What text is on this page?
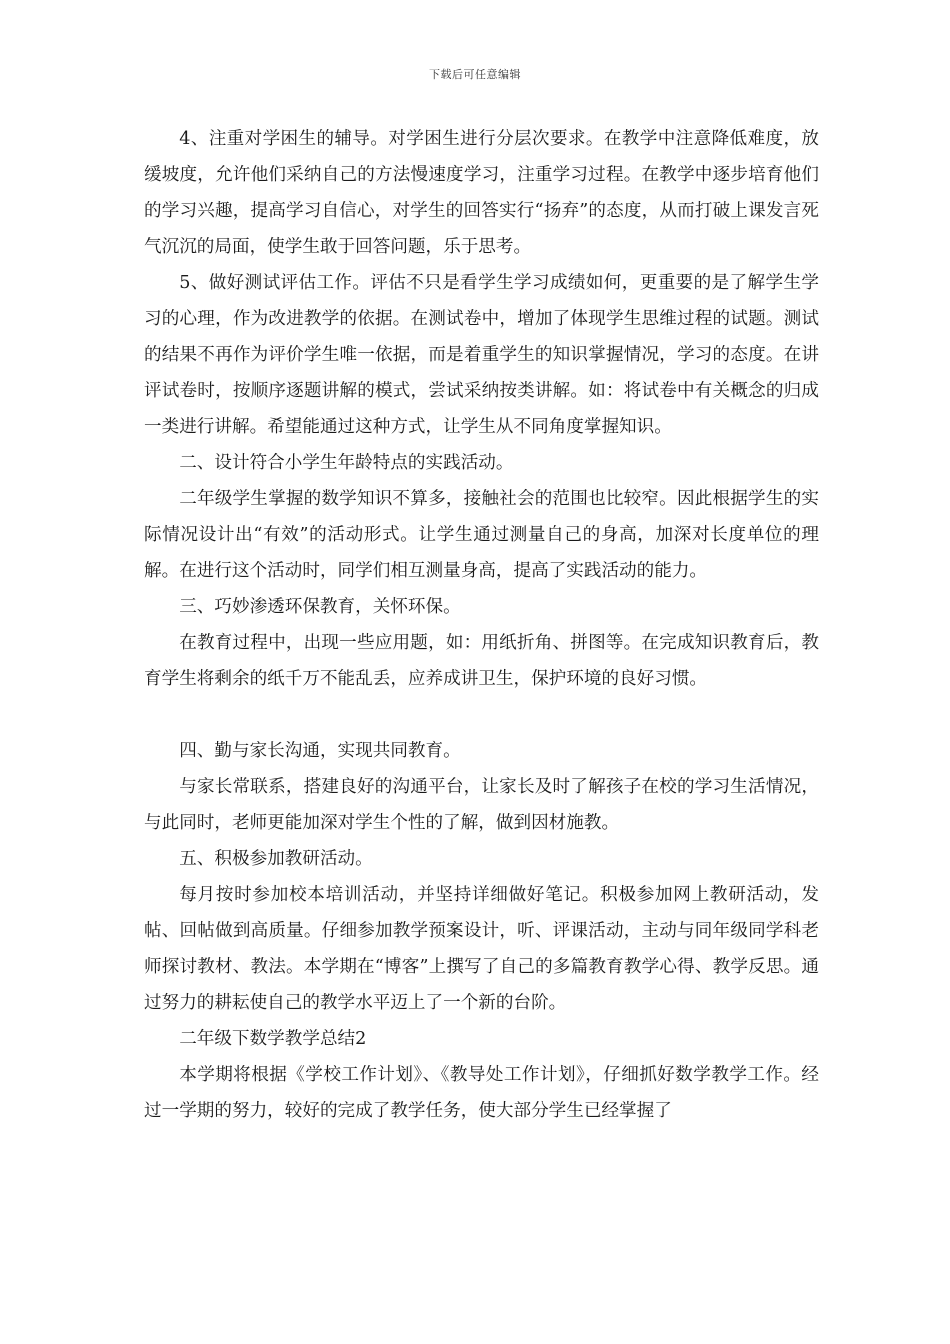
下载后可任意编辑

4、注重对学困生的辅导。对学困生进行分层次要求。在教学中注意降低难度，放缓坡度，允许他们采纳自己的方法慢速度学习，注重学习过程。在教学中逐步培育他们的学习兴趣，提高学习自信心，对学生的回答实行“扬弃”的态度，从而打破上课发言死气沉沉的局面，使学生敢于回答问题，乐于思考。

5、做好测试评估工作。评估不只是看学生学习成绩如何，更重要的是了解学生学习的心理，作为改进教学的依据。在测试卷中，增加了体现学生思维过程的试题。测试的结果不再作为评价学生唯一依据，而是着重学生的知识掌握情况，学习的态度。在讲评试卷时，按顺序逐题讲解的模式，尝试采纳按类讲解。如：将试卷中有关概念的归成一类进行讲解。希望能通过这种方式，让学生从不同角度掌握知识。

二、设计符合小学生年龄特点的实践活动。

二年级学生掌握的数学知识不算多，接触社会的范围也比较窄。因此根据学生的实际情况设计出“有效”的活动形式。让学生通过测量自己的身高，加深对长度单位的理解。在进行这个活动时，同学们相互测量身高，提高了实践活动的能力。

三、巧妙渗透环保教育，关怀环保。

在教育过程中，出现一些应用题，如：用纸折角、拼图等。在完成知识教育后，教育学生将剩余的纸千万不能乱丢，应养成讲卫生，保护环境的良好习惯。

四、勤与家长沟通，实现共同教育。

与家长常联系，搭建良好的沟通平台，让家长及时了解孩子在校的学习生活情况，与此同时，老师更能加深对学生个性的了解，做到因材施教。

五、积极参加教研活动。

每月按时参加校本培训活动，并坚持详细做好笔记。积极参加网上教研活动，发帖、回帖做到高质量。仔细参加教学预案设计，听、评课活动，主动与同年级同学科老师探讨教材、教法。本学期在“博客”上撰写了自己的多篇教育教学心得、教学反思。通过努力的耕耘使自己的教学水平迈上了一个新的台阶。

二年级下数学教学总结2

本学期将根据《学校工作计划》、《教导处工作计划》，仔细抓好数学教学工作。经过一学期的努力，较好的完成了教学任务，使大部分学生已经掌握了
